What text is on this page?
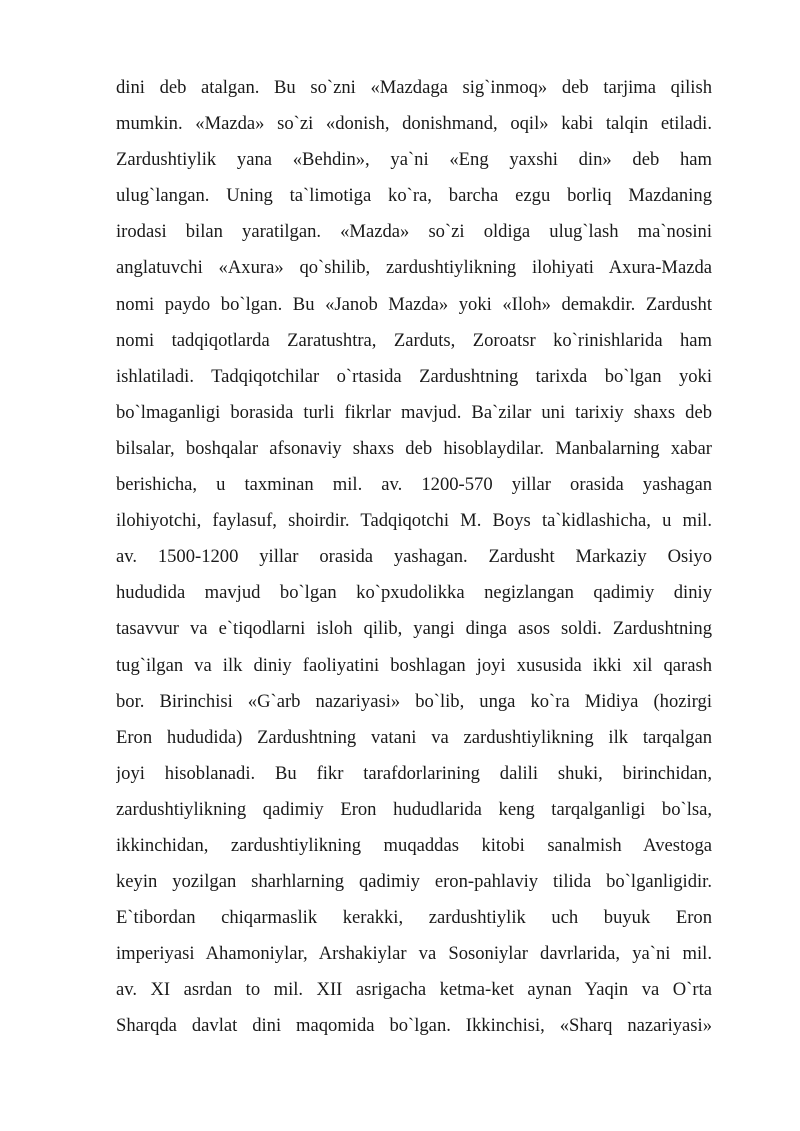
dini deb atalgan. Bu so`zni «Mazdaga sig`inmoq» deb tarjima qilish
mumkin. «Mazda» so`zi «donish, donishmand, oqil» kabi talqin etiladi.
Zardushtiylik yana «Behdin», ya`ni «Eng yaxshi din» deb ham
ulug`langan. Uning ta`limotiga ko`ra, barcha ezgu borliq Mazdaning
irodasi bilan yaratilgan. «Mazda» so`zi oldiga ulug`lash ma`nosini
anglatuvchi «Axura» qo`shilib, zardushtiylikning ilohiyati Axura-Mazda
nomi paydo bo`lgan. Bu «Janob Mazda» yoki «Iloh» demakdir. Zardusht
nomi tadqiqotlarda Zaratushtra, Zarduts, Zoroatsr ko`rinishlarida ham
ishlatiladi. Tadqiqotchilar o`rtasida Zardushtning tarixda bo`lgan yoki
bo`lmaganligi borasida turli fikrlar mavjud. Ba`zilar uni tarixiy shaxs deb
bilsalar, boshqalar afsonaviy shaxs deb hisoblaydilar. Manbalarning xabar
berishicha, u taxminan mil. av. 1200-570 yillar orasida yashagan
ilohiyotchi, faylasuf, shoirdir. Tadqiqotchi M. Boys ta`kidlashicha, u mil.
av. 1500-1200 yillar orasida yashagan. Zardusht Markaziy Osiyo
hududida mavjud bo`lgan ko`pxudolikka negizlangan qadimiy diniy
tasavvur va e`tiqodlarni isloh qilib, yangi dinga asos soldi. Zardushtning
tug`ilgan va ilk diniy faoliyatini boshlagan joyi xususida ikki xil qarash
bor. Birinchisi «G`arb nazariyasi» bo`lib, unga ko`ra Midiya (hozirgi
Eron hududida) Zardushtning vatani va zardushtiylikning ilk tarqalgan
joyi hisoblanadi. Bu fikr tarafdorlarining dalili shuki, birinchidan,
zardushtiylikning qadimiy Eron hududlarida keng tarqalganligi bo`lsa,
ikkinchidan, zardushtiylikning muqaddas kitobi sanalmish Avestoga
keyin yozilgan sharhlarning qadimiy eron-pahlaviy tilida bo`lganligidir.
E`tibordan chiqarmaslik kerakki, zardushtiylik uch buyuk Eron
imperiyasi Ahamoniylar, Arshakiylar va Sosoniylar davrlarida, ya`ni mil.
av. XI asrdan to mil. XII asrigacha ketma-ket aynan Yaqin va O`rta
Sharqda davlat dini maqomida bo`lgan. Ikkinchisi, «Sharq nazariyasi»
